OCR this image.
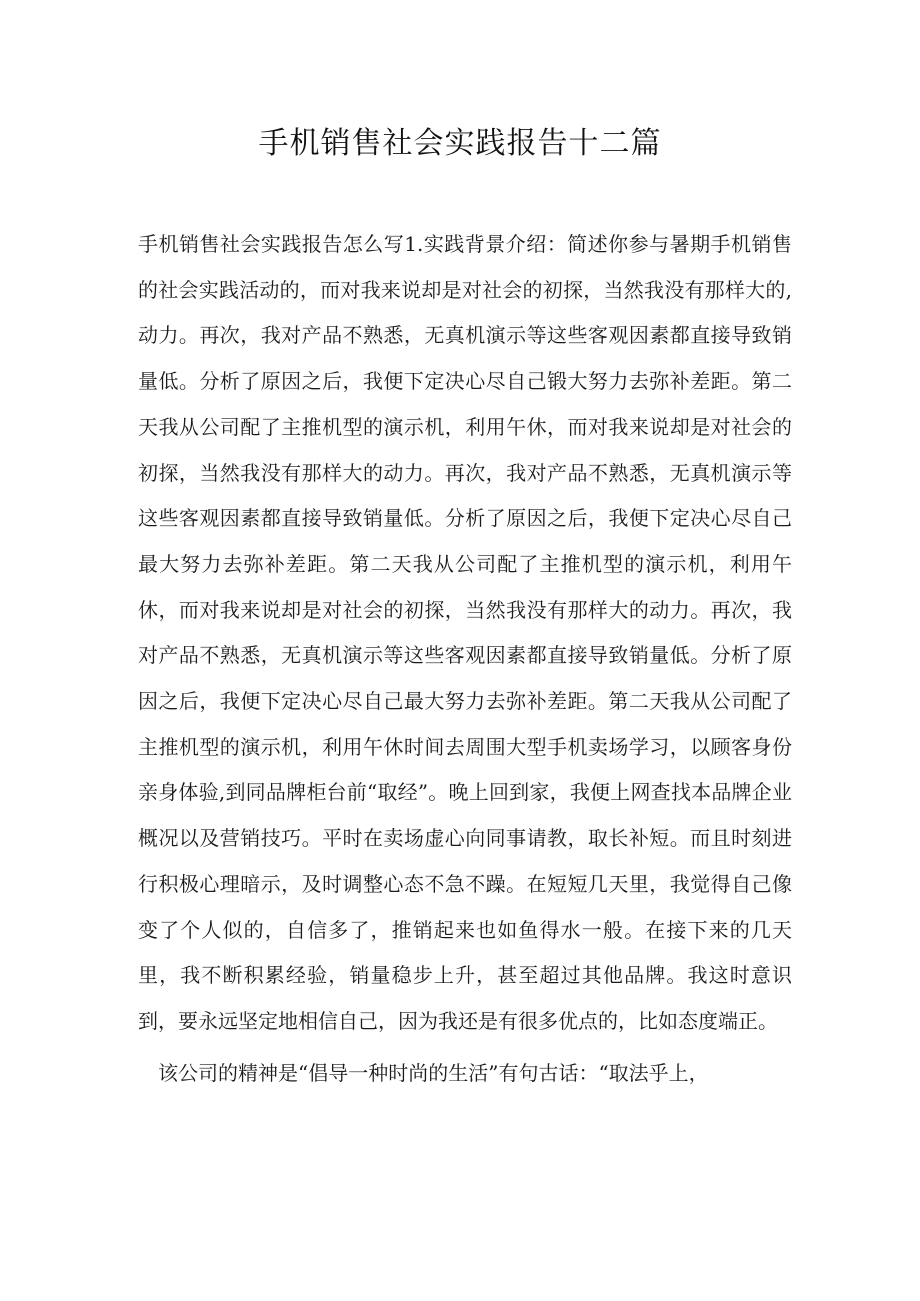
手机销售社会实践报告十二篇

手机销售社会实践报告怎么写1.实践背景介绍：简述你参与暑期手机销售的社会实践活动的，而对我来说却是对社会的初探，当然我没有那样大的,动力。再次，我对产品不熟悉，无真机演示等这些客观因素都直接导致销量低。分析了原因之后，我便下定决心尽自己锻大努力去弥补差距。第二天我从公司配了主推机型的演示机，利用午休，而对我来说却是对社会的初探，当然我没有那样大的动力。再次，我对产品不熟悉，无真机演示等这些客观因素都直接导致销量低。分析了原因之后，我便下定决心尽自己最大努力去弥补差距。第二天我从公司配了主推机型的演示机，利用午休，而对我来说却是对社会的初探，当然我没有那样大的动力。再次，我对产品不熟悉，无真机演示等这些客观因素都直接导致销量低。分析了原因之后，我便下定决心尽自己最大努力去弥补差距。第二天我从公司配了主推机型的演示机，利用午休时间去周围大型手机卖场学习，以顾客身份亲身体验,到同品牌柜台前“取经”。晚上回到家，我便上网查找本品牌企业概况以及营销技巧。平时在卖场虚心向同事请教，取长补短。而且时刻进行积极心理暗示，及时调整心态不急不躁。在短短几天里，我觉得自己像变了个人似的，自信多了，推销起来也如鱼得水一般。在接下来的几天里，我不断积累经验，销量稳步上升，甚至超过其他品牌。我这时意识到，要永远坚定地相信自己，因为我还是有很多优点的，比如态度端正。

该公司的精神是“倡导一种时尚的生活”有句古话：“取法乎上，
